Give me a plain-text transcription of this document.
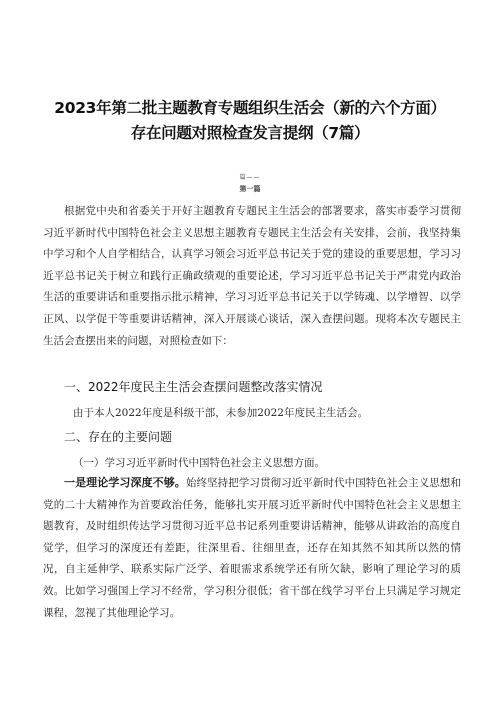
2023年第二批主题教育专题组织生活会（新的六个方面）
存在问题对照检查发言提纲（7篇）
篇——
第一篇

根据党中央和省委关于开好主题教育专题民主生活会的部署要求，落实市委学习贯彻习近平新时代中国特色社会主义思想主题教育专题民主生活会有关安排，会前，我坚持集中学习和个人自学相结合，认真学习领会习近平总书记关于党的建设的重要思想，学习习近平总书记关于树立和践行正确政绩观的重要论述，学习习近平总书记关于严肃党内政治生活的重要讲话和重要指示批示精神，学习习近平总书记关于以学铸魂、以学增智、以学正风、以学促干等重要讲话精神，深入开展谈心谈话，深入查摆问题。现将本次专题民主生活会查摆出来的问题，对照检查如下：

一、2022年度民主生活会查摆问题整改落实情况
由于本人2022年度是科级干部，未参加2022年度民主生活会。
二、存在的主要问题
（一）学习习近平新时代中国特色社会主义思想方面。

一是理论学习深度不够。始终坚持把学习贯彻习近平新时代中国特色社会主义思想和党的二十大精神作为首要政治任务，能够扎实开展习近平新时代中国特色社会主义思想主题教育，及时组织传达学习贯彻习近平总书记系列重要讲话精神，能够从讲政治的高度自觉学，但学习的深度还有差距，往深里看、往细里查，还存在知其然不知其所以然的情况，自主延伸学、联系实际广泛学、着眼需求系统学还有所欠缺，影响了理论学习的质效。比如学习强国上学习不经常，学习积分很低；省干部在线学习平台上只满足学习规定课程，忽视了其他理论学习。
